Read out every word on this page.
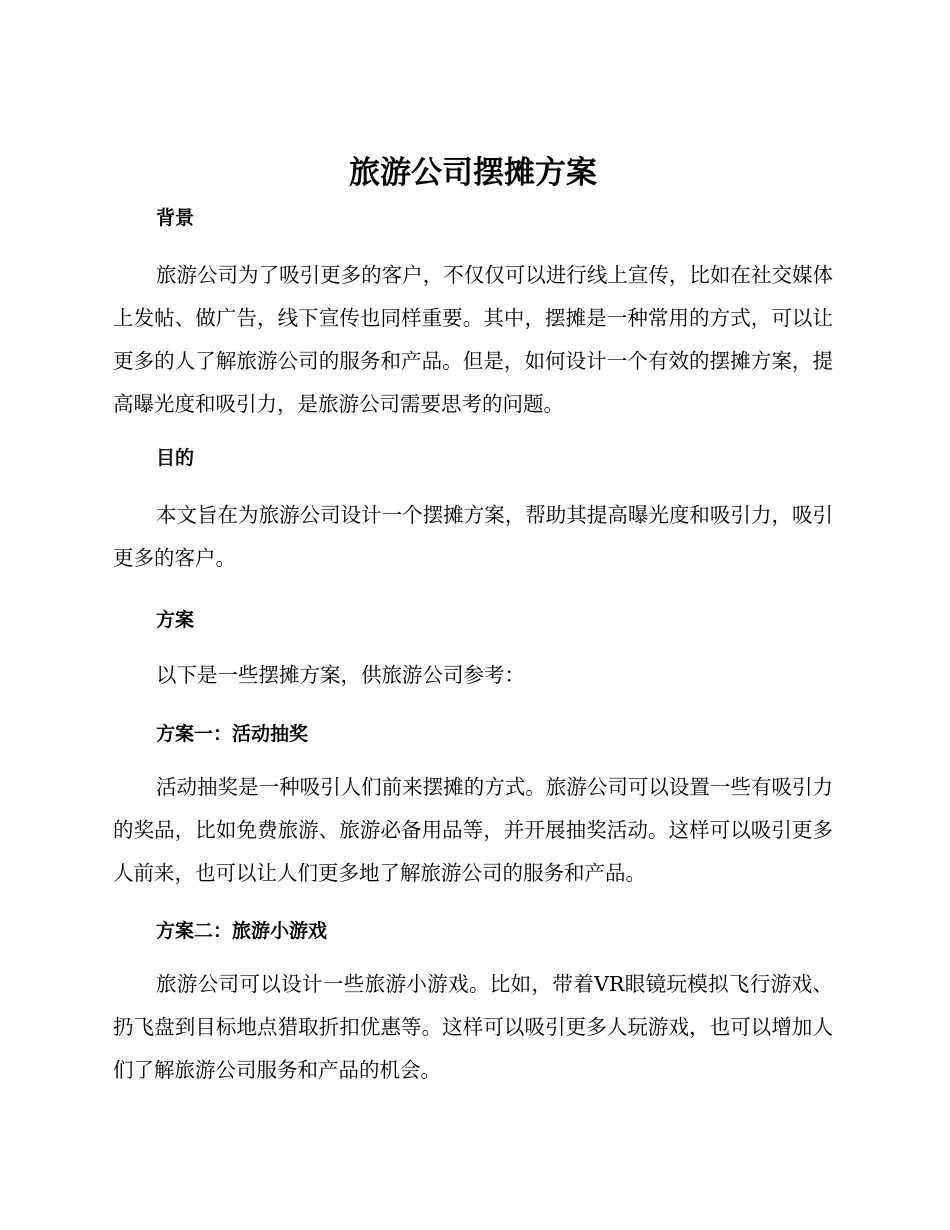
旅游公司摆摊方案
背景

旅游公司为了吸引更多的客户，不仅仅可以进行线上宣传，比如在社交媒体上发帖、做广告，线下宣传也同样重要。其中，摆摊是一种常用的方式，可以让更多的人了解旅游公司的服务和产品。但是，如何设计一个有效的摆摊方案，提高曝光度和吸引力，是旅游公司需要思考的问题。

目的

本文旨在为旅游公司设计一个摆摊方案，帮助其提高曝光度和吸引力，吸引更多的客户。

方案

以下是一些摆摊方案，供旅游公司参考：

方案一：活动抽奖

活动抽奖是一种吸引人们前来摆摊的方式。旅游公司可以设置一些有吸引力的奖品，比如免费旅游、旅游必备用品等，并开展抽奖活动。这样可以吸引更多人前来，也可以让人们更多地了解旅游公司的服务和产品。

方案二：旅游小游戏

旅游公司可以设计一些旅游小游戏。比如，带着VR眼镜玩模拟飞行游戏、扔飞盘到目标地点猎取折扣优惠等。这样可以吸引更多人玩游戏，也可以增加人们了解旅游公司服务和产品的机会。
